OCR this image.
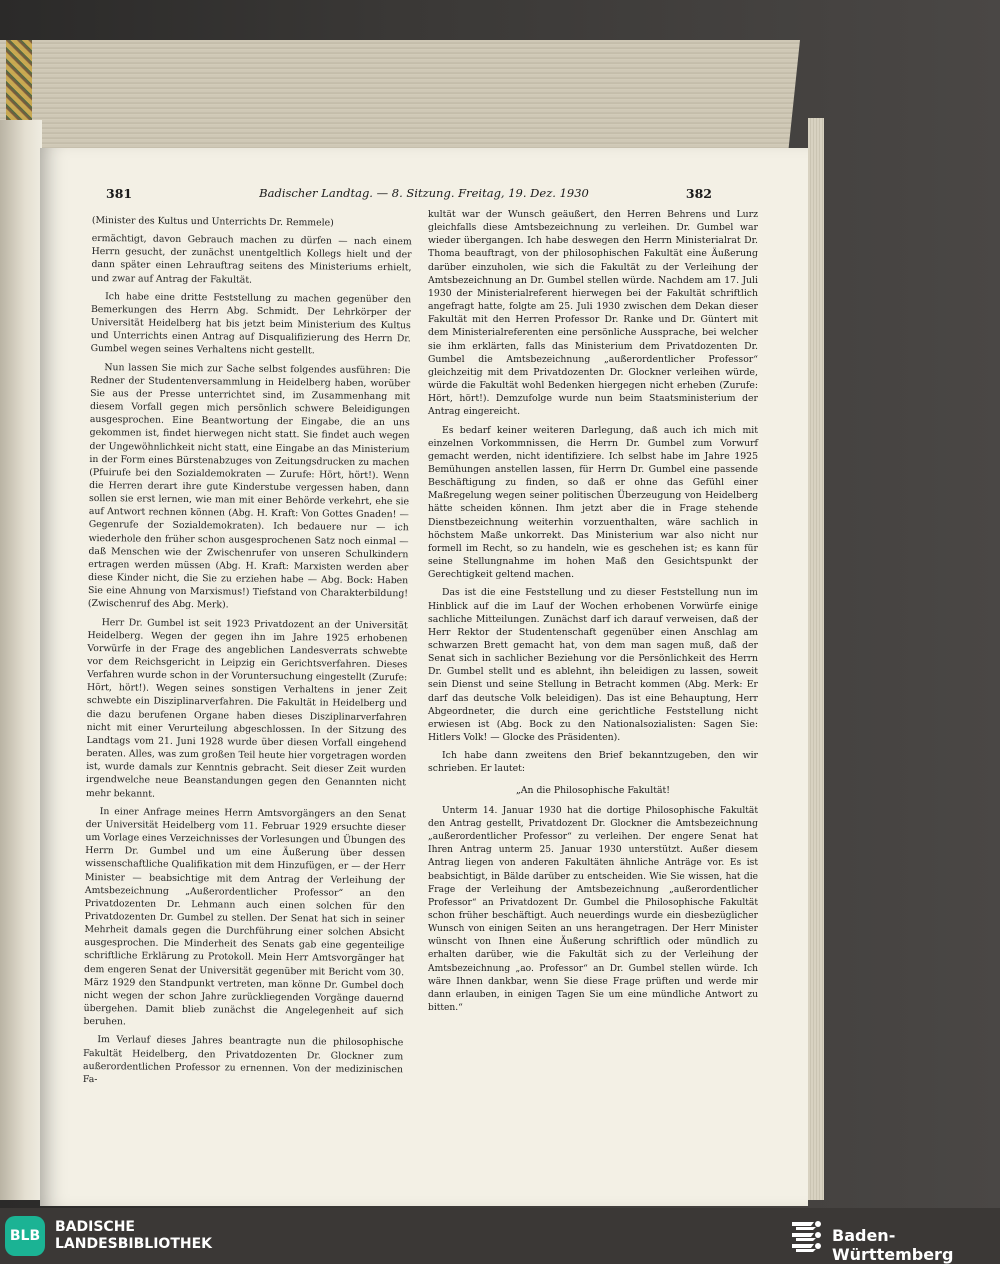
381	Badischer Landtag. — 8. Sitzung. Freitag, 19. Dez. 1930	382

(Minister des Kultus und Unterrichts Dr. Remmele)

ermächtigt, davon Gebrauch machen zu dürfen — nach einem Herrn gesucht, der zunächst unentgeltlich Kollegs hielt und der dann später einen Lehrauftrag seitens des Ministeriums erhielt, und zwar auf Antrag der Fakultät.

Ich habe eine dritte Feststellung zu machen gegenüber den Bemerkungen des Herrn Abg. Schmidt. Der Lehrkörper der Universität Heidelberg hat bis jetzt beim Ministerium des Kultus und Unterrichts einen Antrag auf Disqualifizierung des Herrn Dr. Gumbel wegen seines Verhaltens nicht gestellt.

Nun lassen Sie mich zur Sache selbst folgendes ausführen: Die Redner der Studentenversammlung in Heidelberg haben, worüber Sie aus der Presse unterrichtet sind, im Zusammenhang mit diesem Vorfall gegen mich persönlich schwere Beleidigungen ausgesprochen. Eine Beantwortung der Eingabe, die an uns gekommen ist, findet hierwegen nicht statt. Sie findet auch wegen der Ungewöhnlichkeit nicht statt, eine Eingabe an das Ministerium in der Form eines Bürstenabzuges von Zeitungsdrucken zu machen (Pfuirufe bei den Sozialdemokraten — Zurufe: Hört, hört!). Wenn die Herren derart ihre gute Kinderstube vergessen haben, dann sollen sie erst lernen, wie man mit einer Behörde verkehrt, ehe sie auf Antwort rechnen können (Abg. H. Kraft: Von Gottes Gnaden! — Gegenrufe der Sozialdemokraten). Ich bedauere nur — ich wiederhole den früher schon ausgesprochenen Satz noch einmal — daß Menschen wie der Zwischenrufer von unseren Schulkindern ertragen werden müssen (Abg. H. Kraft: Marxisten werden aber diese Kinder nicht, die Sie zu erziehen habe — Abg. Bock: Haben Sie eine Ahnung von Marxismus!) Tiefstand von Charakterbildung! (Zwischenruf des Abg. Merk).

Herr Dr. Gumbel ist seit 1923 Privatdozent an der Universität Heidelberg. Wegen der gegen ihn im Jahre 1925 erhobenen Vorwürfe in der Frage des angeblichen Landesverrats schwebte vor dem Reichsgericht in Leipzig ein Gerichtsverfahren. Dieses Verfahren wurde schon in der Voruntersuchung eingestellt (Zurufe: Hört, hört!). Wegen seines sonstigen Verhaltens in jener Zeit schwebte ein Disziplinarverfahren. Die Fakultät in Heidelberg und die dazu berufenen Organe haben dieses Disziplinarverfahren nicht mit einer Verurteilung abgeschlossen. In der Sitzung des Landtags vom 21. Juni 1928 wurde über diesen Vorfall eingehend beraten. Alles, was zum großen Teil heute hier vorgetragen worden ist, wurde damals zur Kenntnis gebracht. Seit dieser Zeit wurden irgendwelche neue Beanstandungen gegen den Genannten nicht mehr bekannt.

In einer Anfrage meines Herrn Amtsvorgängers an den Senat der Universität Heidelberg vom 11. Februar 1929 ersuchte dieser um Vorlage eines Verzeichnisses der Vorlesungen und Übungen des Herrn Dr. Gumbel und um eine Äußerung über dessen wissenschaftliche Qualifikation mit dem Hinzufügen, er — der Herr Minister — beabsichtige mit dem Antrag der Verleihung der Amtsbezeichnung „Außerordentlicher Professor“ an den Privatdozenten Dr. Lehmann auch einen solchen für den Privatdozenten Dr. Gumbel zu stellen. Der Senat hat sich in seiner Mehrheit damals gegen die Durchführung einer solchen Absicht ausgesprochen. Die Minderheit des Senats gab eine gegenteilige schriftliche Erklärung zu Protokoll. Mein Herr Amtsvorgänger hat dem engeren Senat der Universität gegenüber mit Bericht vom 30. März 1929 den Standpunkt vertreten, man könne Dr. Gumbel doch nicht wegen der schon Jahre zurückliegenden Vorgänge dauernd übergehen. Damit blieb zunächst die Angelegenheit auf sich beruhen.

Im Verlauf dieses Jahres beantragte nun die philosophische Fakultät Heidelberg, den Privatdozenten Dr. Glockner zum außerordentlichen Professor zu ernennen. Von der medizinischen Fa-

kultät war der Wunsch geäußert, den Herren Behrens und Lurz gleichfalls diese Amtsbezeichnung zu verleihen. Dr. Gumbel war wieder übergangen. Ich habe deswegen den Herrn Ministerialrat Dr. Thoma beauftragt, von der philosophischen Fakultät eine Äußerung darüber einzuholen, wie sich die Fakultät zu der Verleihung der Amtsbezeichnung an Dr. Gumbel stellen würde. Nachdem am 17. Juli 1930 der Ministerialreferent hierwegen bei der Fakultät schriftlich angefragt hatte, folgte am 25. Juli 1930 zwischen dem Dekan dieser Fakultät mit den Herren Professor Dr. Ranke und Dr. Güntert mit dem Ministerialreferenten eine persönliche Aussprache, bei welcher sie ihm erklärten, falls das Ministerium dem Privatdozenten Dr. Gumbel die Amtsbezeichnung „außerordentlicher Professor“ gleichzeitig mit dem Privatdozenten Dr. Glockner verleihen würde, würde die Fakultät wohl Bedenken hiergegen nicht erheben (Zurufe: Hört, hört!). Demzufolge wurde nun beim Staatsministerium der Antrag eingereicht.

Es bedarf keiner weiteren Darlegung, daß auch ich mich mit einzelnen Vorkommnissen, die Herrn Dr. Gumbel zum Vorwurf gemacht werden, nicht identifiziere. Ich selbst habe im Jahre 1925 Bemühungen anstellen lassen, für Herrn Dr. Gumbel eine passende Beschäftigung zu finden, so daß er ohne das Gefühl einer Maßregelung wegen seiner politischen Überzeugung von Heidelberg hätte scheiden können. Ihm jetzt aber die in Frage stehende Dienstbezeichnung weiterhin vorzuenthalten, wäre sachlich in höchstem Maße unkorrekt. Das Ministerium war also nicht nur formell im Recht, so zu handeln, wie es geschehen ist; es kann für seine Stellungnahme im hohen Maß den Gesichtspunkt der Gerechtigkeit geltend machen.

Das ist die eine Feststellung und zu dieser Feststellung nun im Hinblick auf die im Lauf der Wochen erhobenen Vorwürfe einige sachliche Mitteilungen. Zunächst darf ich darauf verweisen, daß der Herr Rektor der Studentenschaft gegenüber einen Anschlag am schwarzen Brett gemacht hat, von dem man sagen muß, daß der Senat sich in sachlicher Beziehung vor die Persönlichkeit des Herrn Dr. Gumbel stellt und es ablehnt, ihn beleidigen zu lassen, soweit sein Dienst und seine Stellung in Betracht kommen (Abg. Merk: Er darf das deutsche Volk beleidigen). Das ist eine Behauptung, Herr Abgeordneter, die durch eine gerichtliche Feststellung nicht erwiesen ist (Abg. Bock zu den Nationalsozialisten: Sagen Sie: Hitlers Volk! — Glocke des Präsidenten).

Ich habe dann zweitens den Brief bekanntzugeben, den wir schrieben. Er lautet:

„An die Philosophische Fakultät!

Unterm 14. Januar 1930 hat die dortige Philosophische Fakultät den Antrag gestellt, Privatdozent Dr. Glockner die Amtsbezeichnung „außerordentlicher Professor“ zu verleihen. Der engere Senat hat Ihren Antrag unterm 25. Januar 1930 unterstützt. Außer diesem Antrag liegen von anderen Fakultäten ähnliche Anträge vor. Es ist beabsichtigt, in Bälde darüber zu entscheiden. Wie Sie wissen, hat die Frage der Verleihung der Amtsbezeichnung „außerordentlicher Professor“ an Privatdozent Dr. Gumbel die Philosophische Fakultät schon früher beschäftigt. Auch neuerdings wurde ein diesbezüglicher Wunsch von einigen Seiten an uns herangetragen. Der Herr Minister wünscht von Ihnen eine Äußerung schriftlich oder mündlich zu erhalten darüber, wie die Fakultät sich zu der Verleihung der Amtsbezeichnung „ao. Professor“ an Dr. Gumbel stellen würde. Ich wäre Ihnen dankbar, wenn Sie diese Frage prüften und werde mir dann erlauben, in einigen Tagen Sie um eine mündliche Antwort zu bitten.“

BLB
BADISCHE
LANDESBIBLIOTHEK	Baden-Württemberg
